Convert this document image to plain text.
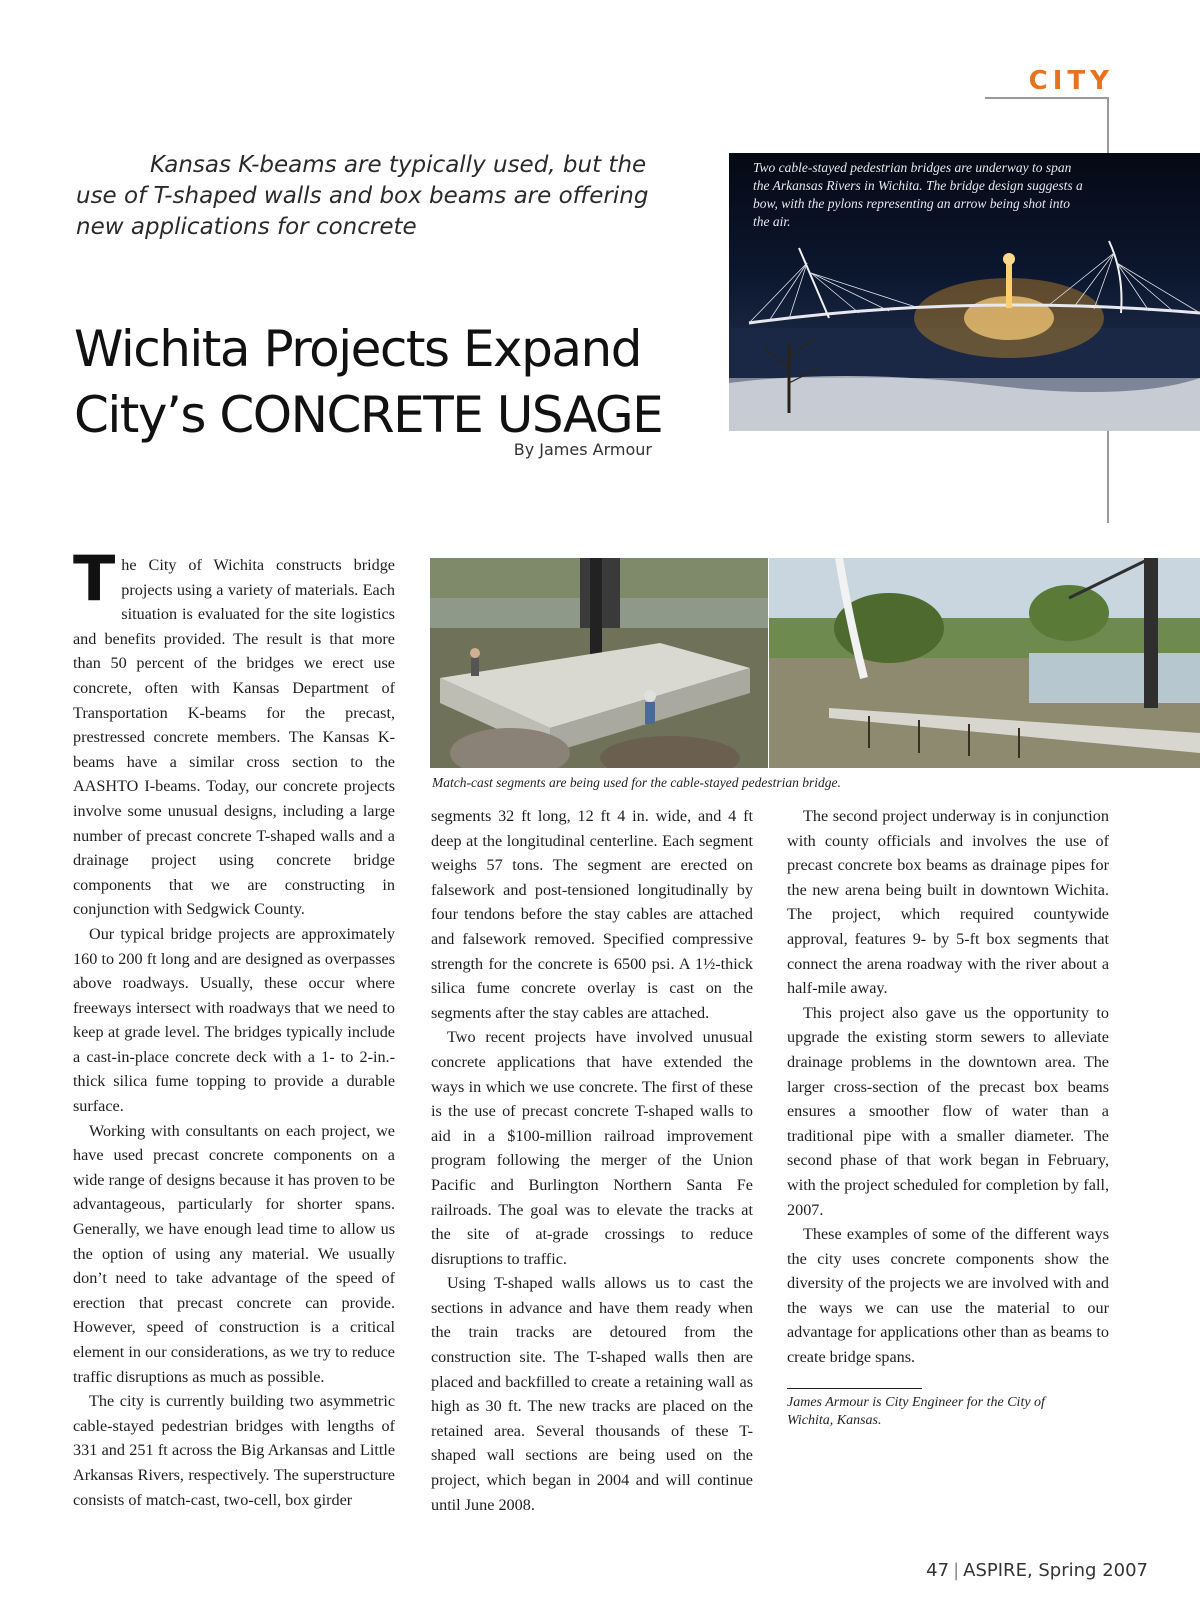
CITY
Kansas K-beams are typically used, but the use of T-shaped walls and box beams are offering new applications for concrete
Wichita Projects Expand
City’s CONCRETE USAGE
By James Armour
Two cable-stayed pedestrian bridges are underway to span the Arkansas Rivers in Wichita. The bridge design suggests a bow, with the pylons representing an arrow being shot into the air.
Match-cast segments are being used for the cable-stayed pedestrian bridge.

The City of Wichita constructs bridge projects using a variety of materials. Each situation is evaluated for the site logistics and benefits provided. The result is that more than 50 percent of the bridges we erect use concrete, often with Kansas Department of Transportation K-beams for the precast, prestressed concrete members. The Kansas K-beams have a similar cross section to the AASHTO I-beams. Today, our concrete projects involve some unusual designs, including a large number of precast concrete T-shaped walls and a drainage project using concrete bridge components that we are constructing in conjunction with Sedgwick County.

Our typical bridge projects are approximately 160 to 200 ft long and are designed as overpasses above roadways. Usually, these occur where freeways intersect with roadways that we need to keep at grade level. The bridges typically include a cast-in-place concrete deck with a 1- to 2-in.-thick silica fume topping to provide a durable surface.

Working with consultants on each project, we have used precast concrete components on a wide range of designs because it has proven to be advantageous, particularly for shorter spans. Generally, we have enough lead time to allow us the option of using any material. We usually don’t need to take advantage of the speed of erection that precast concrete can provide. However, speed of construction is a critical element in our considerations, as we try to reduce traffic disruptions as much as possible.

The city is currently building two asymmetric cable-stayed pedestrian bridges with lengths of 331 and 251 ft across the Big Arkansas and Little Arkansas Rivers, respectively. The superstructure consists of match-cast, two-cell, box girder

segments 32 ft long, 12 ft 4 in. wide, and 4 ft deep at the longitudinal centerline. Each segment weighs 57 tons. The segment are erected on falsework and post-tensioned longitudinally by four tendons before the stay cables are attached and falsework removed. Specified compressive strength for the concrete is 6500 psi. A 1½-thick silica fume concrete overlay is cast on the segments after the stay cables are attached.

Two recent projects have involved unusual concrete applications that have extended the ways in which we use concrete. The first of these is the use of precast concrete T-shaped walls to aid in a $100-million railroad improvement program following the merger of the Union Pacific and Burlington Northern Santa Fe railroads. The goal was to elevate the tracks at the site of at-grade crossings to reduce disruptions to traffic.

Using T-shaped walls allows us to cast the sections in advance and have them ready when the train tracks are detoured from the construction site. The T-shaped walls then are placed and backfilled to create a retaining wall as high as 30 ft. The new tracks are placed on the retained area. Several thousands of these T-shaped wall sections are being used on the project, which began in 2004 and will continue until June 2008.

The second project underway is in conjunction with county officials and involves the use of precast concrete box beams as drainage pipes for the new arena being built in downtown Wichita. The project, which required countywide approval, features 9- by 5-ft box segments that connect the arena roadway with the river about a half-mile away.

This project also gave us the opportunity to upgrade the existing storm sewers to alleviate drainage problems in the downtown area. The larger cross-section of the precast box beams ensures a smoother flow of water than a traditional pipe with a smaller diameter. The second phase of that work began in February, with the project scheduled for completion by fall, 2007.

These examples of some of the different ways the city uses concrete components show the diversity of the projects we are involved with and the ways we can use the material to our advantage for applications other than as beams to create bridge spans.

James Armour is City Engineer for the City of Wichita, Kansas.
47 | ASPIRE, Spring 2007
